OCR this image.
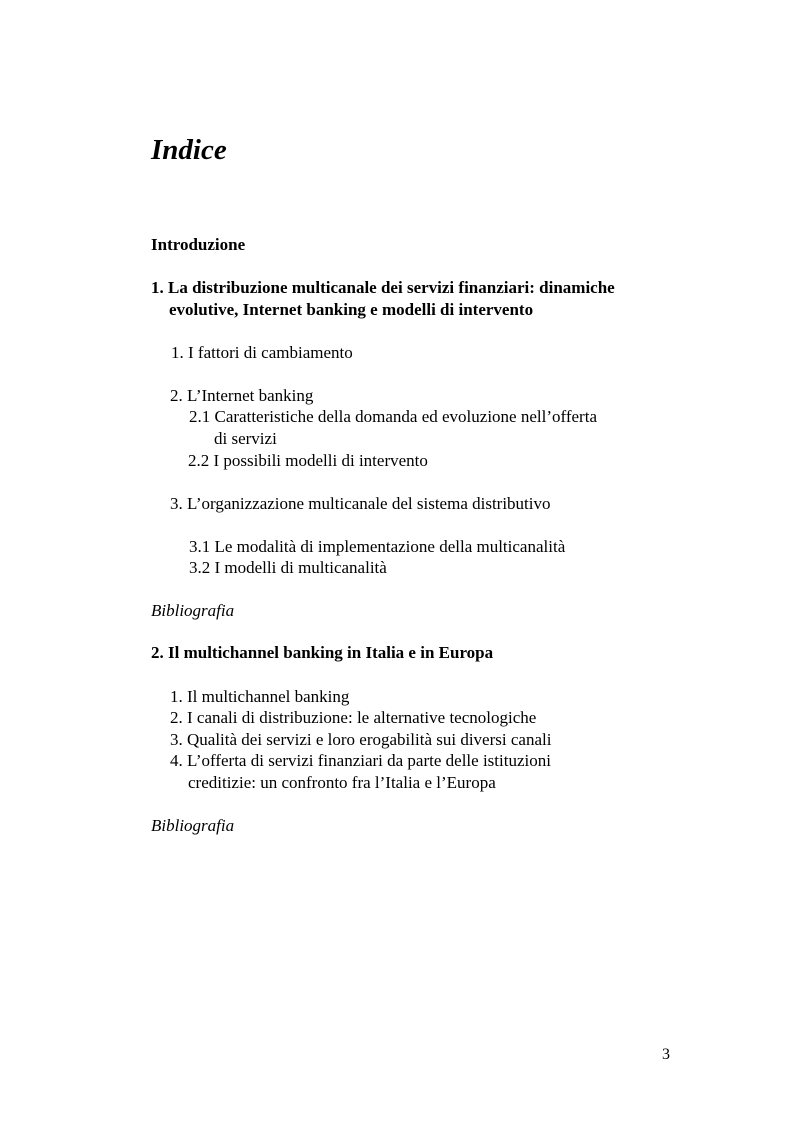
Indice
Introduzione
1. La distribuzione multicanale dei servizi finanziari: dinamiche
evolutive, Internet banking e modelli di intervento
1. I fattori di cambiamento
2. L’Internet banking
2.1 Caratteristiche della domanda ed evoluzione nell’offerta
di servizi
2.2 I possibili modelli di intervento
3. L’organizzazione multicanale del sistema distributivo
3.1 Le modalità di implementazione della multicanalità
3.2 I modelli di multicanalità
Bibliografia
2. Il multichannel banking in Italia e in Europa
1. Il multichannel banking
2. I canali di distribuzione: le alternative tecnologiche
3. Qualità dei servizi e loro erogabilità sui diversi canali
4. L’offerta di servizi finanziari da parte delle istituzioni
creditizie: un confronto fra l’Italia e l’Europa
Bibliografia
3
